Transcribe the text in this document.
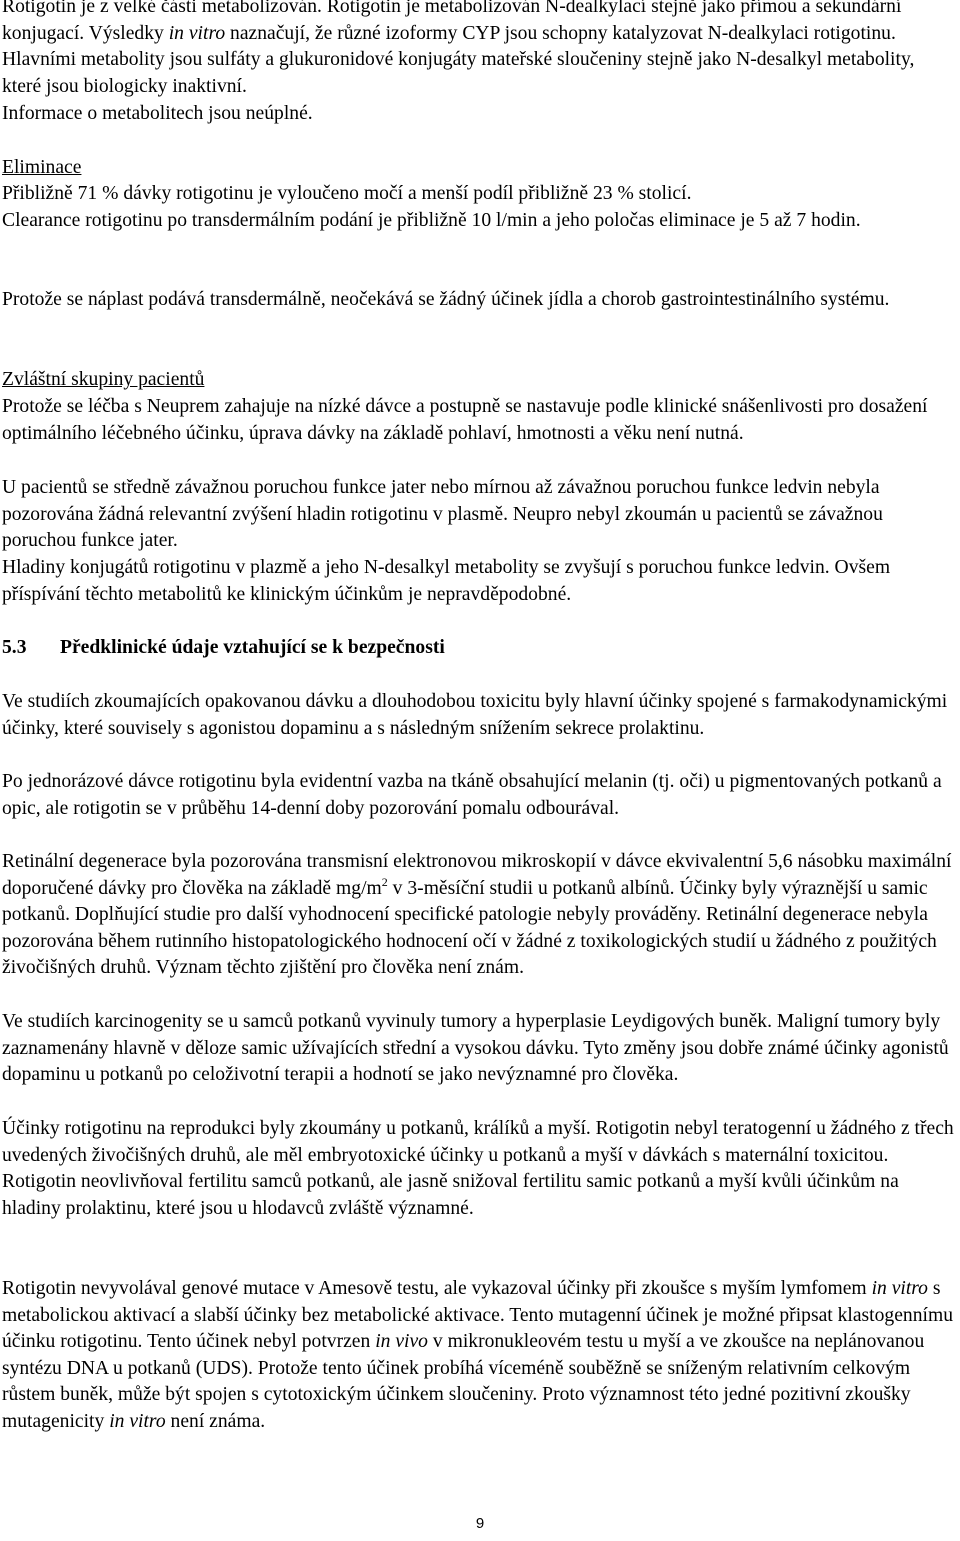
Rotigotin je z velké části metabolizován. Rotigotin je metabolizován N-dealkylací stejně jako přímou a sekundární konjugací. Výsledky in vitro naznačují, že různé izoformy CYP jsou schopny katalyzovat N-dealkylaci rotigotinu. Hlavními metabolity jsou sulfáty a glukuronidové konjugáty mateřské sloučeniny stejně jako N-desalkyl metabolity, které jsou biologicky inaktivní.

Informace o metabolitech jsou neúplné.

Eliminace

Přibližně 71 % dávky rotigotinu je vyloučeno močí a menší podíl přibližně 23 % stolicí.

Clearance rotigotinu po transdermálním podání je přibližně 10 l/min a jeho poločas eliminace je 5 až 7 hodin.

Protože se náplast podává transdermálně, neočekává se žádný účinek jídla a chorob gastrointestinálního systému.

Zvláštní skupiny pacientů

Protože se léčba s Neuprem zahajuje na nízké dávce a postupně se nastavuje podle klinické snášenlivosti pro dosažení optimálního léčebného účinku, úprava dávky na základě pohlaví, hmotnosti a věku není nutná.

U pacientů se středně závažnou poruchou funkce jater nebo mírnou až závažnou poruchou funkce ledvin nebyla pozorována žádná relevantní zvýšení hladin rotigotinu v plasmě. Neupro nebyl zkoumán u pacientů se závažnou poruchou funkce jater.

Hladiny konjugátů rotigotinu v plazmě a jeho N-desalkyl metabolity se zvyšují s poruchou funkce ledvin. Ovšem příspívání těchto metabolitů ke klinickým účinkům je nepravděpodobné.

5.3 Předklinické údaje vztahující se k bezpečnosti

Ve studiích zkoumajících opakovanou dávku a dlouhodobou toxicitu byly hlavní účinky spojené s farmakodynamickými účinky, které souvisely s agonistou dopaminu a s následným snížením sekrece prolaktinu.

Po jednorázové dávce rotigotinu byla evidentní vazba na tkáně obsahující melanin (tj. oči) u pigmentovaných potkanů a opic, ale rotigotin se v průběhu 14-denní doby pozorování pomalu odbourával.

Retinální degenerace byla pozorována transmisní elektronovou mikroskopií v dávce ekvivalentní 5,6 násobku maximální doporučené dávky pro člověka na základě $mg/m^2$ v 3-měsíční studii u potkanů albínů. Účinky byly výraznější u samic potkanů. Doplňující studie pro další vyhodnocení specifické patologie nebyly prováděny. Retinální degenerace nebyla pozorována během rutinního histopatologického hodnocení očí v žádné z toxikologických studií u žádného z použitých živočišných druhů. Význam těchto zjištění pro člověka není znám.

Ve studiích karcinogenity se u samců potkanů vyvinuly tumory a hyperplasie Leydigových buněk. Maligní tumory byly zaznamenány hlavně v děloze samic užívajících střední a vysokou dávku. Tyto změny jsou dobře známé účinky agonistů dopaminu u potkanů po celoživotní terapii a hodnotí se jako nevýznamné pro člověka.

Účinky rotigotinu na reprodukci byly zkoumány u potkanů, králíků a myší. Rotigotin nebyl teratogenní u žádného z třech uvedených živočišných druhů, ale měl embryotoxické účinky u potkanů a myší v dávkách s maternální toxicitou. Rotigotin neovlivňoval fertilitu samců potkanů, ale jasně snižoval fertilitu samic potkanů a myší kvůli účinkům na hladiny prolaktinu, které jsou u hlodavců zvláště významné.

Rotigotin nevyvolával genové mutace v Amesově testu, ale vykazoval účinky při zkoušce s myším lymfomem in vitro s metabolickou aktivací a slabší účinky bez metabolické aktivace. Tento mutagenní účinek je možné připsat klastogennímu účinku rotigotinu. Tento účinek nebyl potvrzen in vivo v mikronukleovém testu u myší a ve zkoušce na neplánovanou syntézu DNA u potkanů (UDS). Protože tento účinek probíhá víceméně souběžně se sníženým relativním celkovým růstem buněk, může být spojen s cytotoxickým účinkem sloučeniny. Proto významnost této jedné pozitivní zkoušky mutagenicity in vitro není známa.

9
